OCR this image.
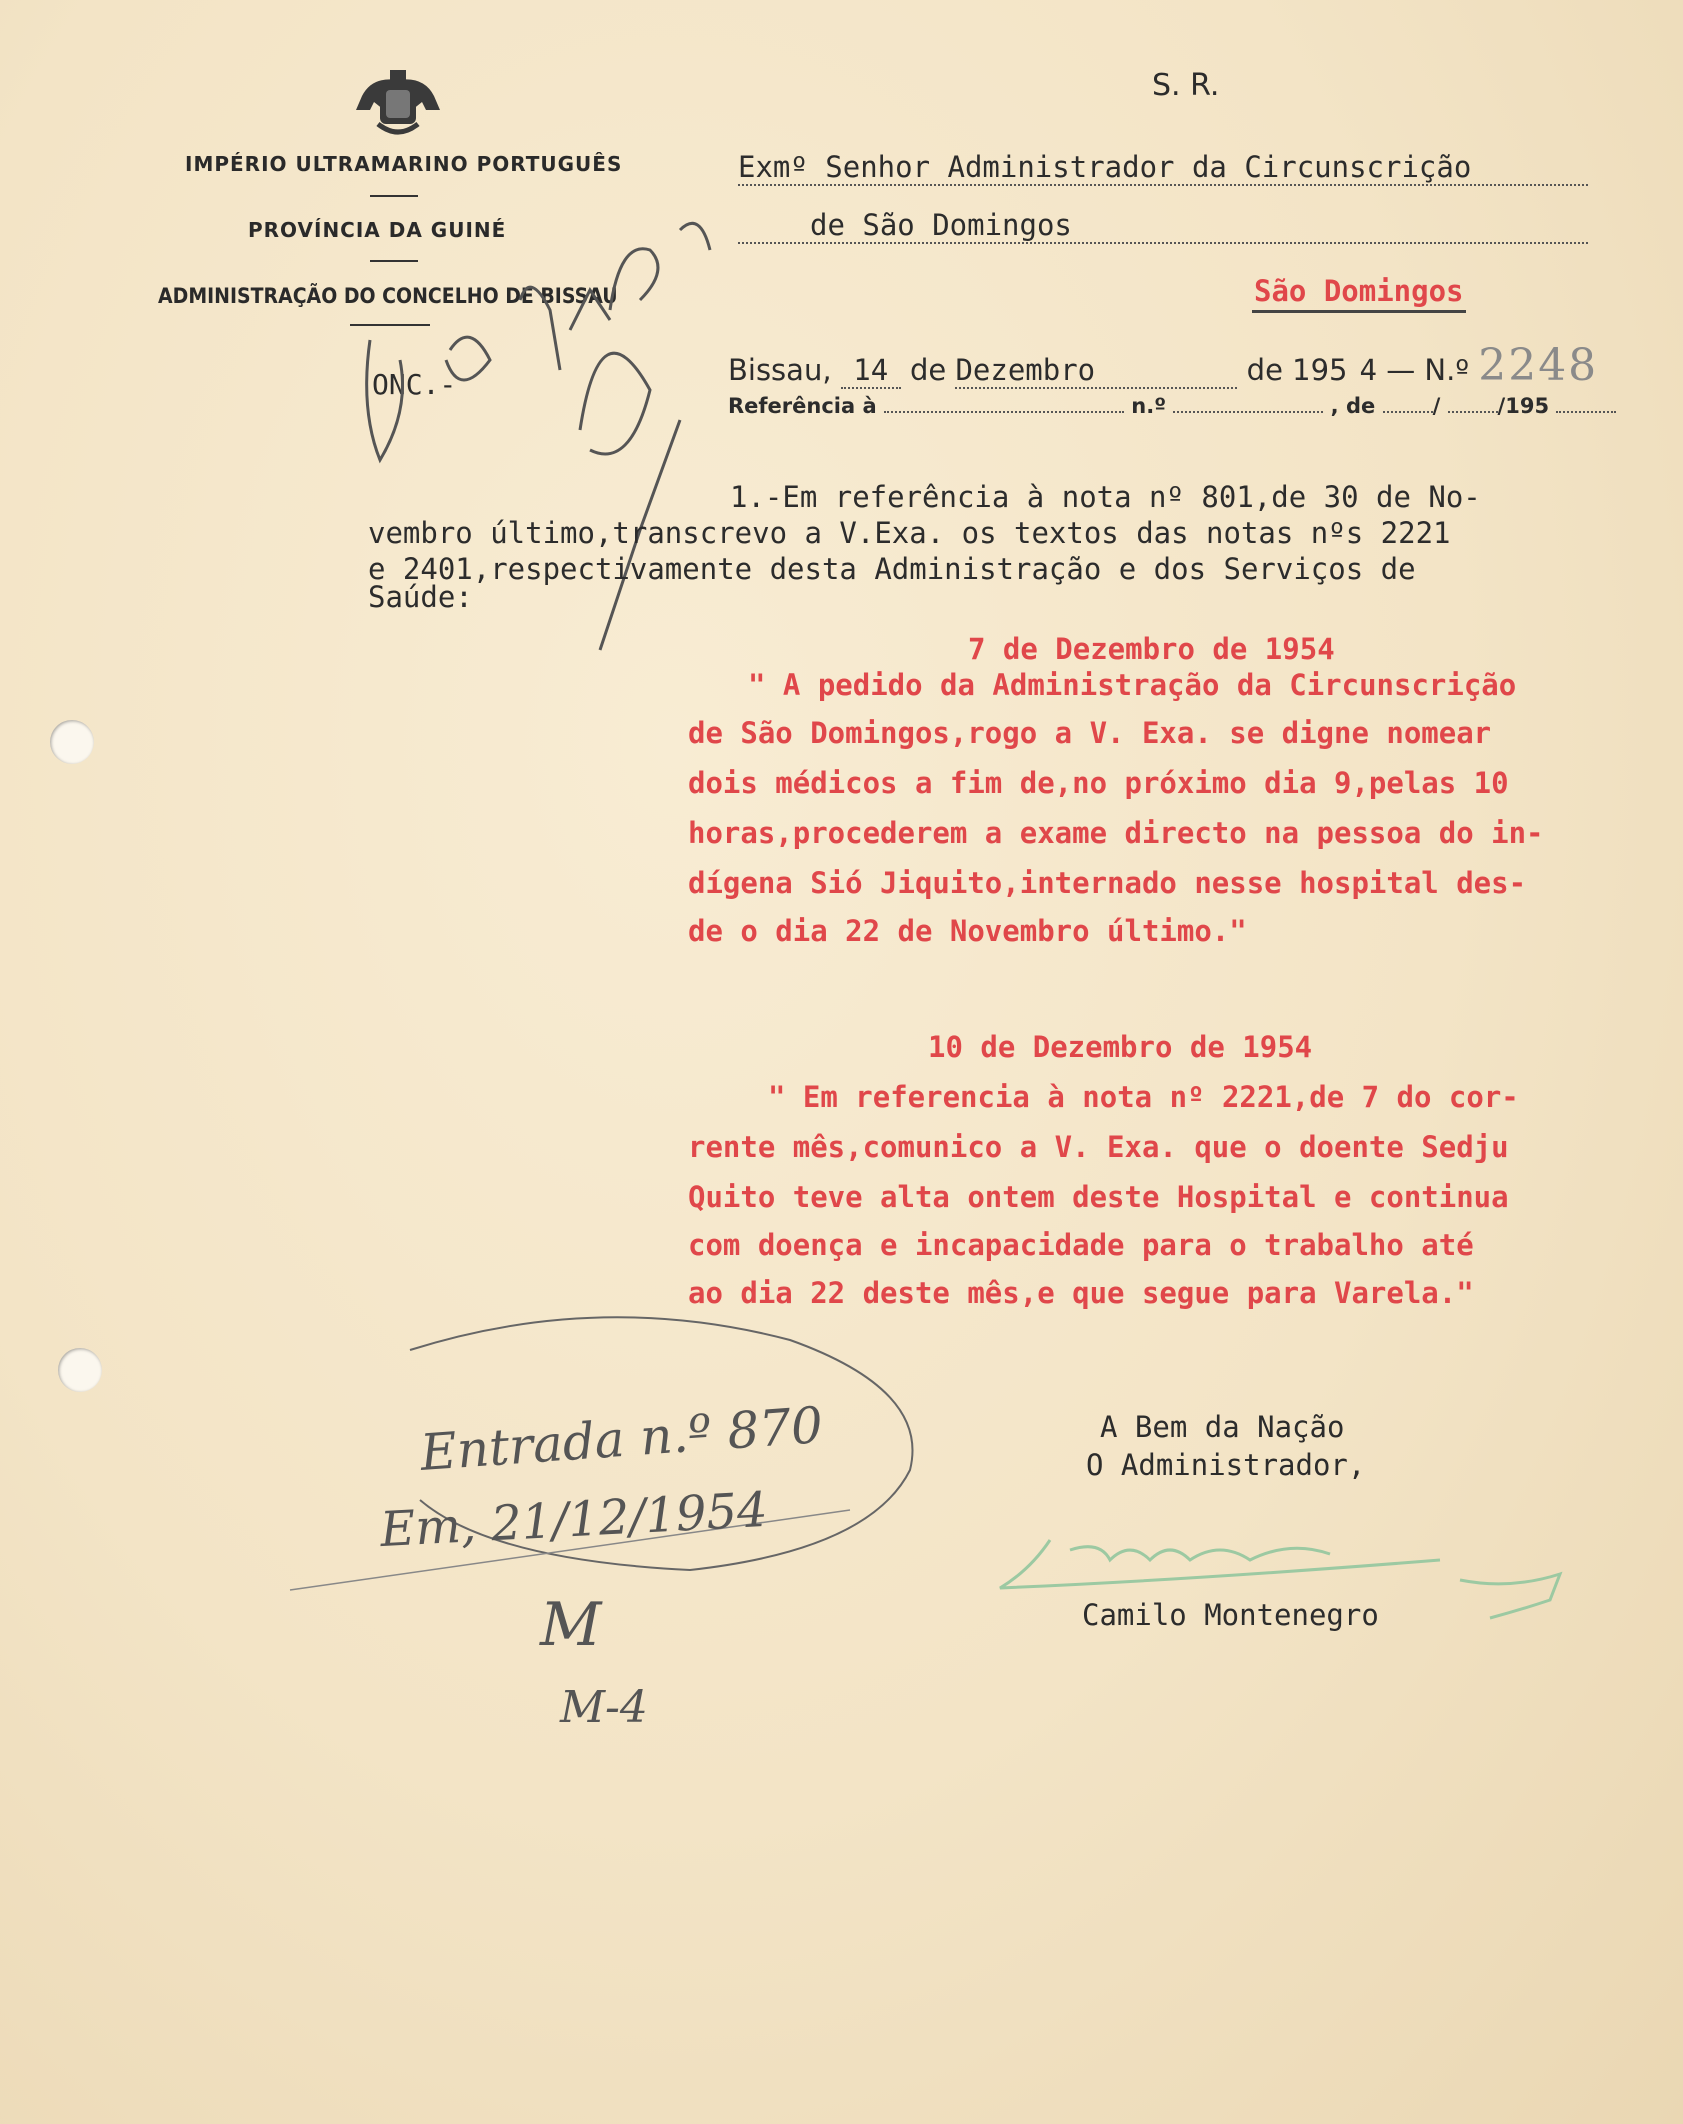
IMPÉRIO ULTRAMARINO PORTUGUÊS
PROVÍNCIA DA GUINÉ
ADMINISTRAÇÃO DO CONCELHO DE BISSAU
S. R.
Exmº Senhor Administrador da Circunscrição
de São Domingos
São Domingos
Bissau, 14 de Dezembro	de 195 4 — N.º 2248
Referência à	n.º	, de	/	/195
ONC.-
1.-Em referência à nota nº 801,de 30 de No-
vembro último,transcrevo a V.Exa. os textos das notas nºs 2221
e 2401,respectivamente desta Administração e dos Serviços de
Saúde:
7 de Dezembro de 1954
" A pedido da Administração da Circunscrição
de São Domingos,rogo a V. Exa. se digne nomear
dois médicos a fim de,no próximo dia 9,pelas 10
horas,procederem a exame directo na pessoa do in-
dígena Sió Jiquito,internado nesse hospital des-
de o dia 22 de Novembro último."
10 de Dezembro de 1954
" Em referencia à nota nº 2221,de 7 do cor-
rente mês,comunico a V. Exa. que o doente Sedju
Quito teve alta ontem deste Hospital e continua
com doença e incapacidade para o trabalho até
ao dia 22 deste mês,e que segue para Varela."
A Bem da Nação
O Administrador,
Camilo Montenegro
Entrada n.º 870
Em, 21/12/1954
M
M-4
